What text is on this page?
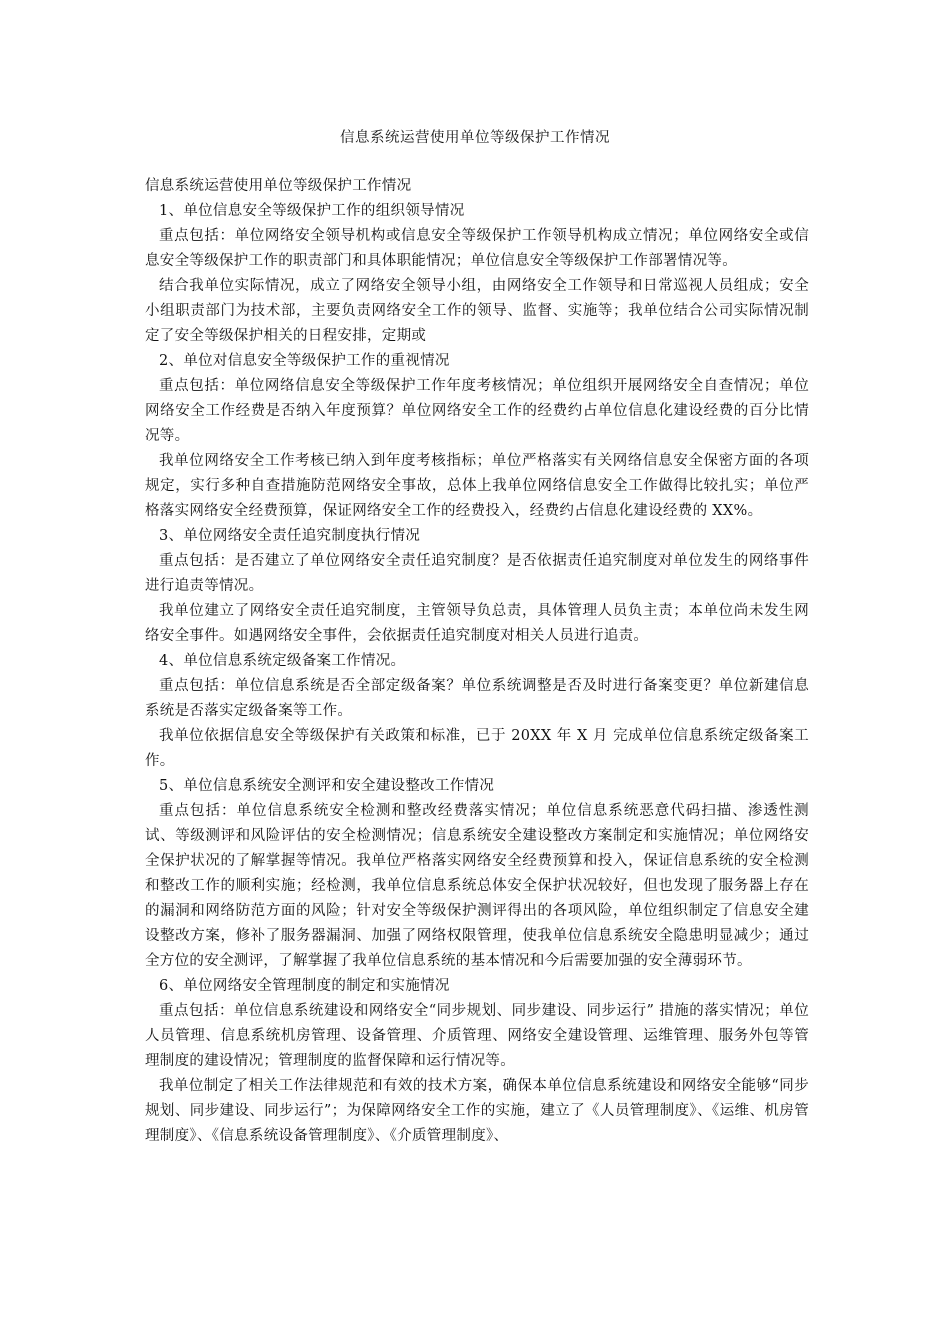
信息系统运营使用单位等级保护工作情况

信息系统运营使用单位等级保护工作情况

1、单位信息安全等级保护工作的组织领导情况

重点包括：单位网络安全领导机构或信息安全等级保护工作领导机构成立情况；单位网络安全或信息安全等级保护工作的职责部门和具体职能情况；单位信息安全等级保护工作部署情况等。

结合我单位实际情况，成立了网络安全领导小组，由网络安全工作领导和日常巡视人员组成；安全小组职责部门为技术部，主要负责网络安全工作的领导、监督、实施等；我单位结合公司实际情况制定了安全等级保护相关的日程安排，定期或

2、单位对信息安全等级保护工作的重视情况

重点包括：单位网络信息安全等级保护工作年度考核情况；单位组织开展网络安全自查情况；单位网络安全工作经费是否纳入年度预算？单位网络安全工作的经费约占单位信息化建设经费的百分比情况等。

我单位网络安全工作考核已纳入到年度考核指标；单位严格落实有关网络信息安全保密方面的各项规定，实行多种自查措施防范网络安全事故，总体上我单位网络信息安全工作做得比较扎实；单位严格落实网络安全经费预算，保证网络安全工作的经费投入，经费约占信息化建设经费的 XX%。

3、单位网络安全责任追究制度执行情况

重点包括：是否建立了单位网络安全责任追究制度？是否依据责任追究制度对单位发生的网络事件进行追责等情况。

我单位建立了网络安全责任追究制度，主管领导负总责，具体管理人员负主责；本单位尚未发生网络安全事件。如遇网络安全事件，会依据责任追究制度对相关人员进行追责。

4、单位信息系统定级备案工作情况。

重点包括：单位信息系统是否全部定级备案？单位系统调整是否及时进行备案变更？单位新建信息系统是否落实定级备案等工作。

我单位依据信息安全等级保护有关政策和标准，已于 20XX 年 X 月 完成单位信息系统定级备案工作。

5、单位信息系统安全测评和安全建设整改工作情况

重点包括：单位信息系统安全检测和整改经费落实情况；单位信息系统恶意代码扫描、渗透性测试、等级测评和风险评估的安全检测情况；信息系统安全建设整改方案制定和实施情况；单位网络安全保护状况的了解掌握等情况。我单位严格落实网络安全经费预算和投入，保证信息系统的安全检测和整改工作的顺利实施；经检测，我单位信息系统总体安全保护状况较好，但也发现了服务器上存在的漏洞和网络防范方面的风险；针对安全等级保护测评得出的各项风险，单位组织制定了信息安全建设整改方案，修补了服务器漏洞、加强了网络权限管理，使我单位信息系统安全隐患明显减少；通过全方位的安全测评，了解掌握了我单位信息系统的基本情况和今后需要加强的安全薄弱环节。

6、单位网络安全管理制度的制定和实施情况

重点包括：单位信息系统建设和网络安全“同步规划、同步建设、同步运行” 措施的落实情况；单位人员管理、信息系统机房管理、设备管理、介质管理、网络安全建设管理、运维管理、服务外包等管理制度的建设情况；管理制度的监督保障和运行情况等。

我单位制定了相关工作法律规范和有效的技术方案，确保本单位信息系统建设和网络安全能够“同步规划、同步建设、同步运行”；为保障网络安全工作的实施，建立了《人员管理制度》、《运维、机房管理制度》、《信息系统设备管理制度》、《介质管理制度》、
